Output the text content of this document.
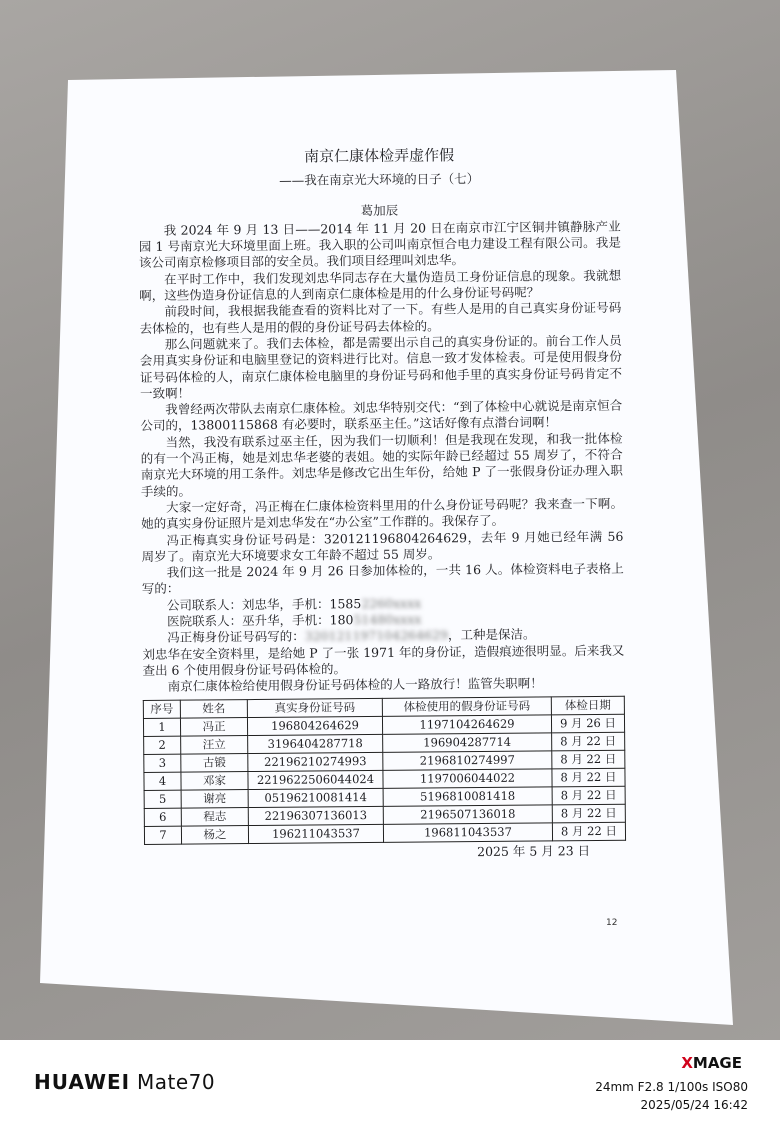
南京仁康体检弄虚作假
——我在南京光大环境的日子（七）
葛加辰

我 2024 年 9 月 13 日——2014 年 11 月 20 日在南京市江宁区铜井镇静脉产业园 1 号南京光大环境里面上班。我入职的公司叫南京恒合电力建设工程有限公司。我是该公司南京检修项目部的安全员。我们项目经理叫刘忠华。

在平时工作中，我们发现刘忠华同志存在大量伪造员工身份证信息的现象。我就想啊，这些伪造身份证信息的人到南京仁康体检是用的什么身份证号码呢？

前段时间，我根据我能查看的资料比对了一下。有些人是用的自己真实身份证号码去体检的，也有些人是用的假的身份证号码去体检的。

那么问题就来了。我们去体检，都是需要出示自己的真实身份证的。前台工作人员会用真实身份证和电脑里登记的资料进行比对。信息一致才发体检表。可是使用假身份证号码体检的人，南京仁康体检电脑里的身份证号码和他手里的真实身份证号码肯定不一致啊！

我曾经两次带队去南京仁康体检。刘忠华特别交代：“到了体检中心就说是南京恒合公司的，1380011586​8 有必要时，联系巫主任。”这话好像有点潜台词啊！

当然，我没有联系过巫主任，因为我们一切顺利！但是我现在发现，和我一批体检的有一个冯正梅，她是刘忠华老婆的表姐。她的实际年龄已经超过 55 周岁了，不符合南京光大环境的用工条件。刘忠华是修改它出生年份，给她 P 了一张假身份证办理入职手续的。

大家一定好奇，冯正梅在仁康体检资料里用的什么身份证号码呢？我来查一下啊。她的真实身份证照片是刘忠华发在“办公室”工作群的。我保存了。

冯正梅真实身份证号码是：320121196804264629，去年 9 月她已经年满 56 周岁了。南京光大环境要求女工年龄不超过 55 周岁。

我们这一批是 2024 年 9 月 26 日参加体检的，一共 16 人。体检资料电子表格上写的：

公司联系人：刘忠华，手机：15852260xxxx

医院联系人：巫升华，手机：18051480xxxx

冯正梅身份证号码写的：320121197104264629，工种是保洁。

刘忠华在安全资料里，是给她 P 了一张 1971 年的身份证，造假痕迹很明显。后来我又查出 6 个使用假身份证号码体检的。

南京仁康体检给使用假身份证号码体检的人一路放行！监管失职啊！

序号	姓名	真实身份证号码	体检使用的假身份证号码	体检日期
1	冯正	196804264629	1197104264629	9 月 26 日
2	汪立	3196404287718	196904287714	8 月 22 日
3	古锻	221962102749​93	2196810274997	8 月 22 日
4	邓家	221962250604402​4	1197006044022	8 月 22 日
5	谢亮	05196210081414	5196810081418	8 月 22 日
6	程志	22196307136013	2196507136018	8 月 22 日
7	杨之	196211043537	196811043537	8 月 22 日
2025 年 5 月 23 日
12
HUAWEI Mate70
XMAGE
24mm F2.8 1/100s ISO80
2025/05/24 16:42
